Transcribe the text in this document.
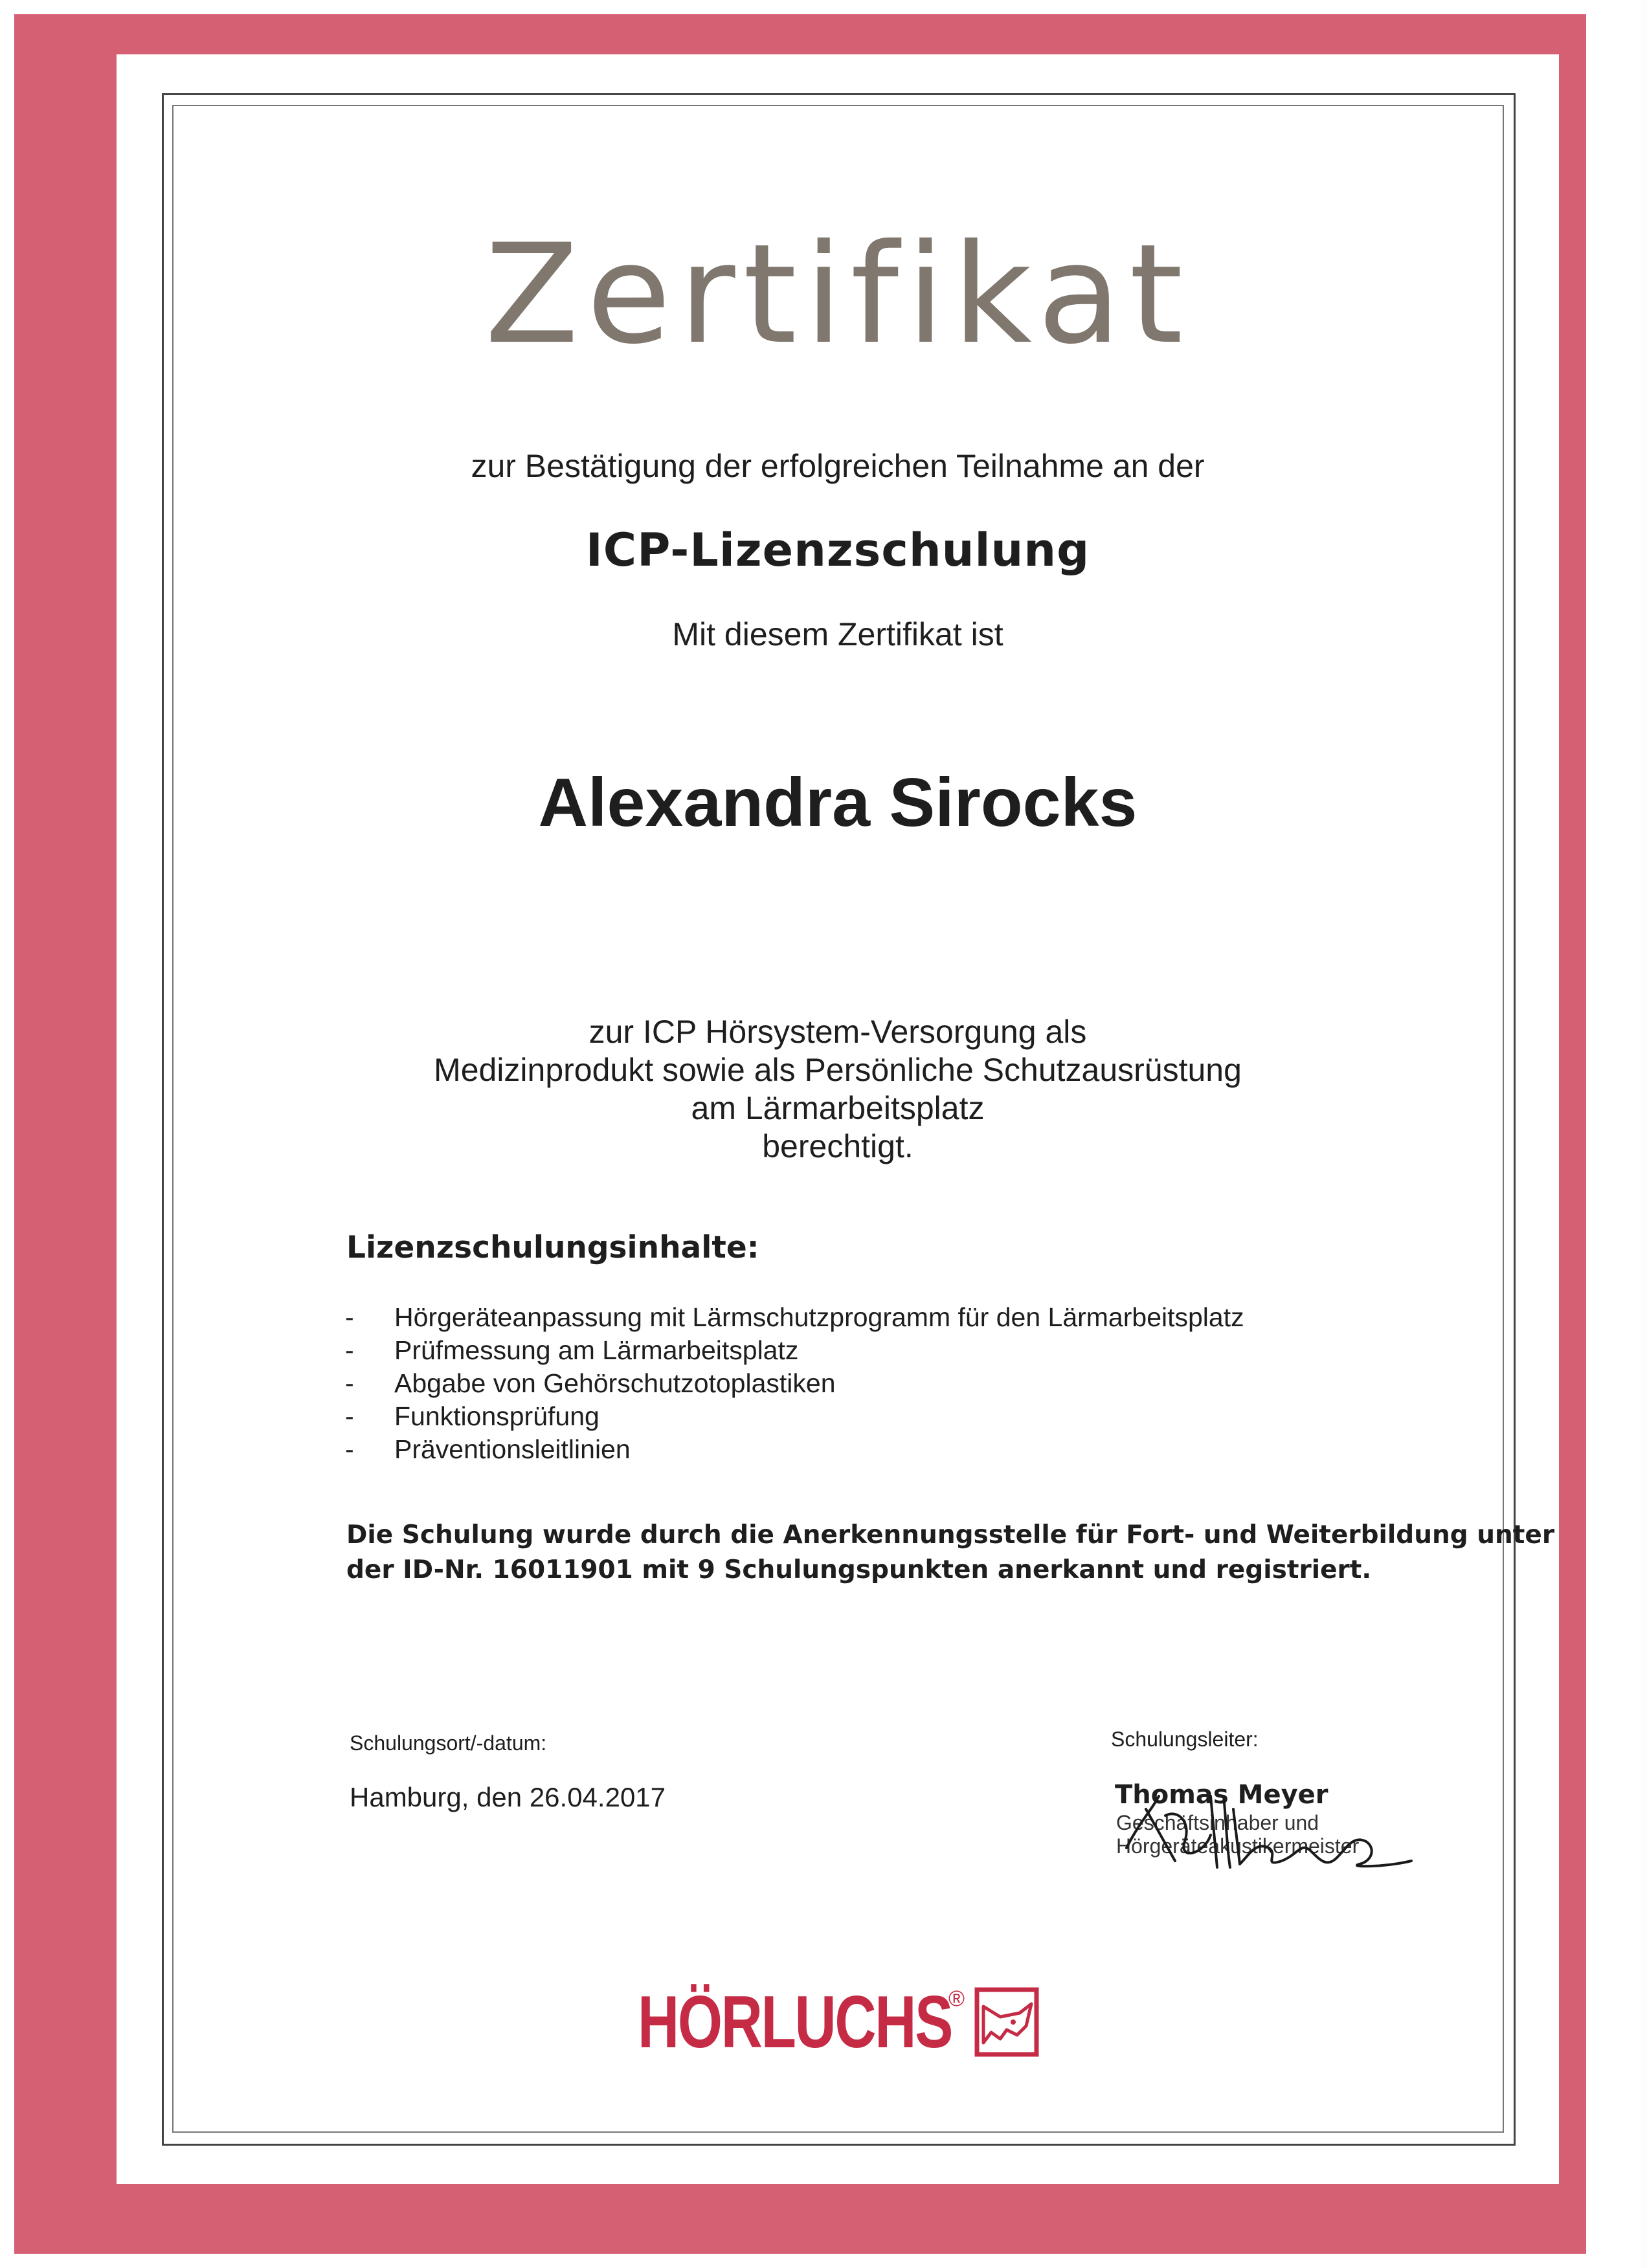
Zertifikat
zur Bestätigung der erfolgreichen Teilnahme an der
ICP-Lizenzschulung
Mit diesem Zertifikat ist
Alexandra Sirocks
zur ICP Hörsystem-Versorgung als
Medizinprodukt sowie als Persönliche Schutzausrüstung
am Lärmarbeitsplatz
berechtigt.
Lizenzschulungsinhalte:
- Hörgeräteanpassung mit Lärmschutzprogramm für den Lärmarbeitsplatz
- Prüfmessung am Lärmarbeitsplatz
- Abgabe von Gehörschutzotoplastiken
- Funktionsprüfung
- Präventionsleitlinien
Die Schulung wurde durch die Anerkennungsstelle für Fort- und Weiterbildung unter
der ID-Nr. 16011901 mit 9 Schulungspunkten anerkannt und registriert.
Schulungsort/-datum:
Hamburg, den 26.04.2017
Schulungsleiter:
Thomas Meyer
Geschäftsinhaber und
Hörgeräteakustikermeister
HÖRLUCHS
®
